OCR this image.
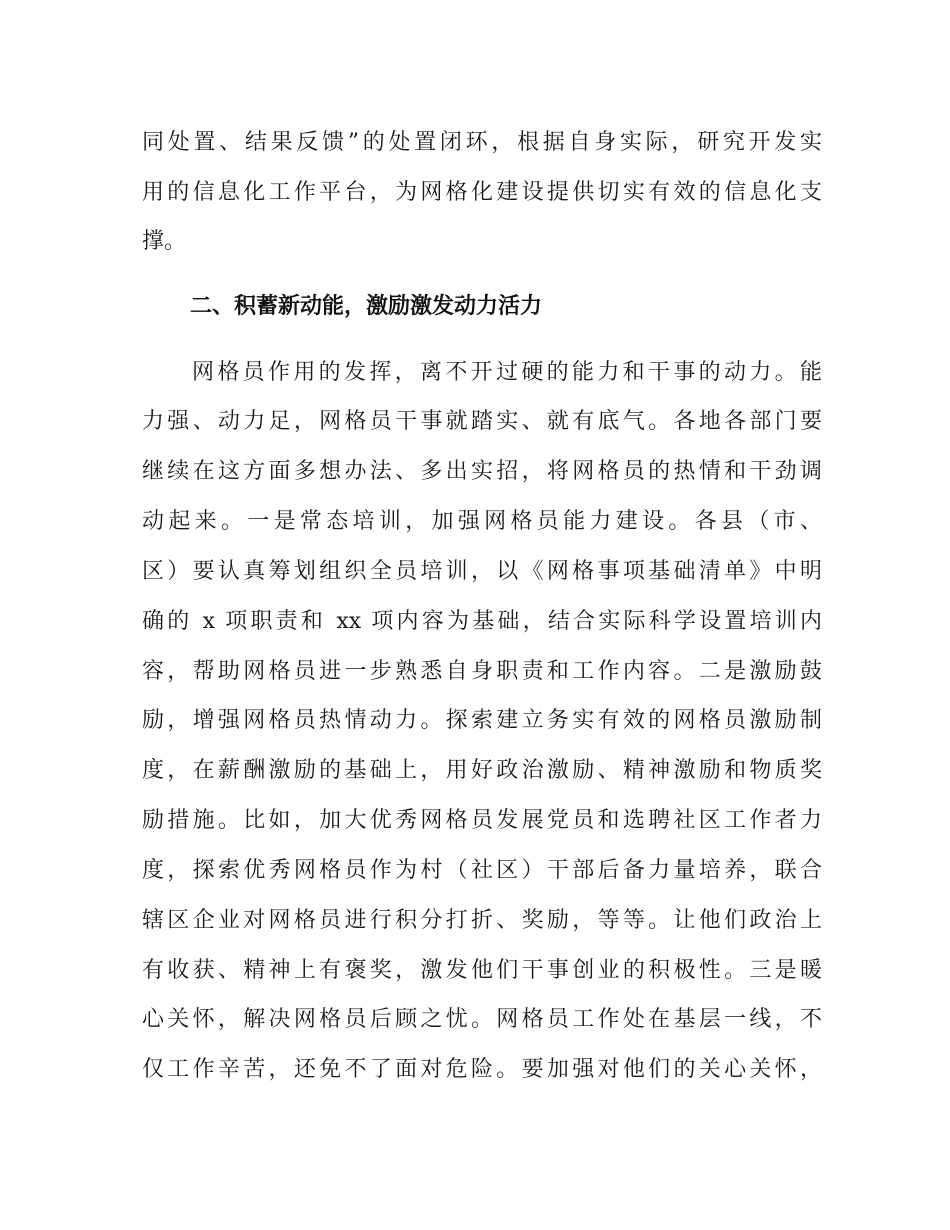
同处置、结果反馈”的处置闭环，根据自身实际，研究开发实
用的信息化工作平台，为网格化建设提供切实有效的信息化支
撑。
二、积蓄新动能，激励激发动力活力
网格员作用的发挥，离不开过硬的能力和干事的动力。能
力强、动力足，网格员干事就踏实、就有底气。各地各部门要
继续在这方面多想办法、多出实招，将网格员的热情和干劲调
动起来。一是常态培训，加强网格员能力建设。各县（市、
区）要认真筹划组织全员培训，以《网格事项基础清单》中明
确的 x 项职责和 xx 项内容为基础，结合实际科学设置培训内
容，帮助网格员进一步熟悉自身职责和工作内容。二是激励鼓
励，增强网格员热情动力。探索建立务实有效的网格员激励制
度，在薪酬激励的基础上，用好政治激励、精神激励和物质奖
励措施。比如，加大优秀网格员发展党员和选聘社区工作者力
度，探索优秀网格员作为村（社区）干部后备力量培养，联合
辖区企业对网格员进行积分打折、奖励，等等。让他们政治上
有收获、精神上有褒奖，激发他们干事创业的积极性。三是暖
心关怀，解决网格员后顾之忧。网格员工作处在基层一线，不
仅工作辛苦，还免不了面对危险。要加强对他们的关心关怀，
